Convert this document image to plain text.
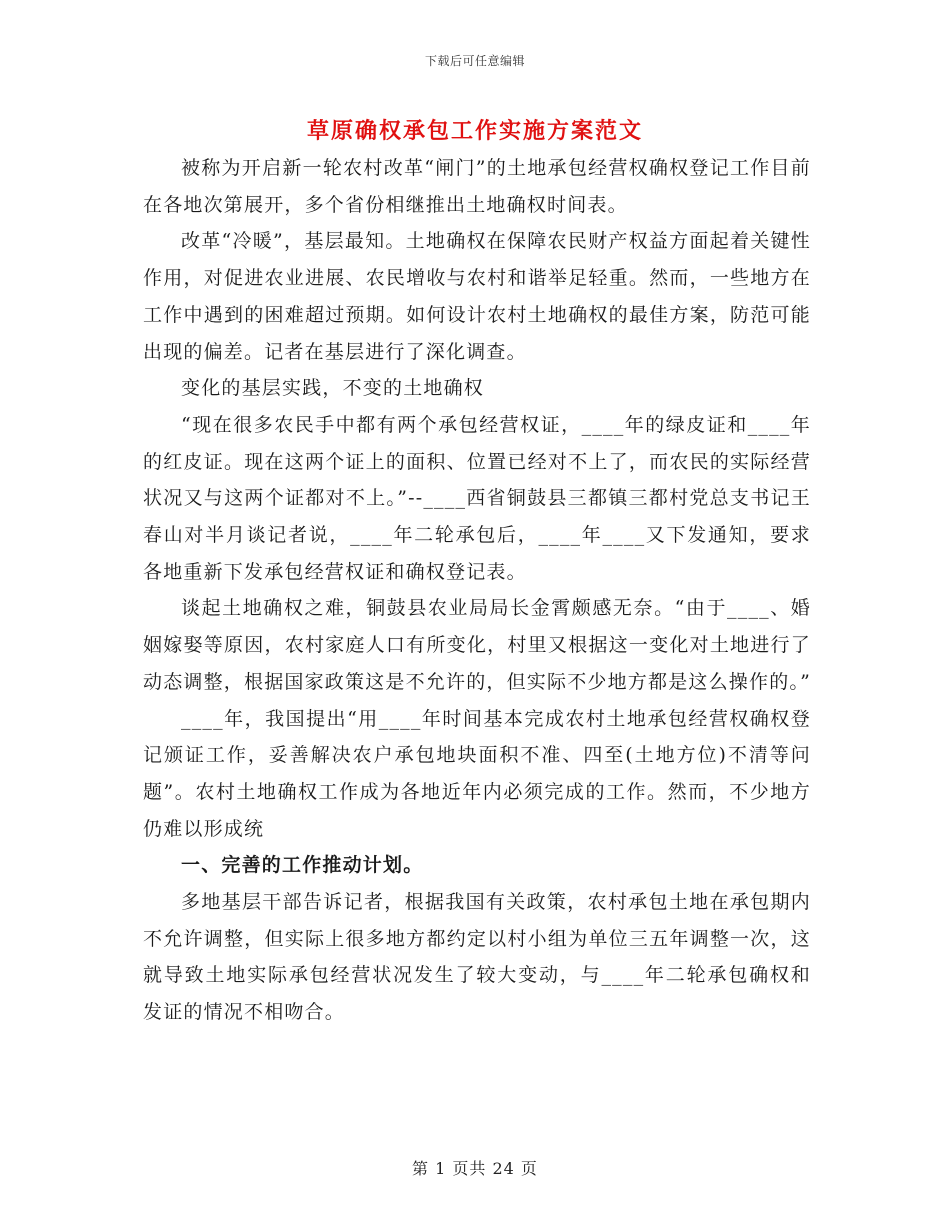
下载后可任意编辑
草原确权承包工作实施方案范文

被称为开启新一轮农村改革“闸门”的土地承包经营权确权登记工作目前在各地次第展开，多个省份相继推出土地确权时间表。

改革“冷暖”，基层最知。土地确权在保障农民财产权益方面起着关键性作用，对促进农业进展、农民增收与农村和谐举足轻重。然而，一些地方在工作中遇到的困难超过预期。如何设计农村土地确权的最佳方案，防范可能出现的偏差。记者在基层进行了深化调查。

变化的基层实践，不变的土地确权

“现在很多农民手中都有两个承包经营权证，____年的绿皮证和____年的红皮证。现在这两个证上的面积、位置已经对不上了，而农民的实际经营状况又与这两个证都对不上。”--____西省铜鼓县三都镇三都村党总支书记王春山对半月谈记者说，____年二轮承包后，____年____又下发通知，要求各地重新下发承包经营权证和确权登记表。

谈起土地确权之难，铜鼓县农业局局长金霄颇感无奈。“由于____、婚姻嫁娶等原因，农村家庭人口有所变化，村里又根据这一变化对土地进行了动态调整，根据国家政策这是不允许的，但实际不少地方都是这么操作的。”

____年，我国提出“用____年时间基本完成农村土地承包经营权确权登记颁证工作，妥善解决农户承包地块面积不准、四至(土地方位)不清等问题”。农村土地确权工作成为各地近年内必须完成的工作。然而，不少地方仍难以形成统

一、完善的工作推动计划。

多地基层干部告诉记者，根据我国有关政策，农村承包土地在承包期内不允许调整，但实际上很多地方都约定以村小组为单位三五年调整一次，这就导致土地实际承包经营状况发生了较大变动，与____年二轮承包确权和发证的情况不相吻合。

第 1 页共 24 页
